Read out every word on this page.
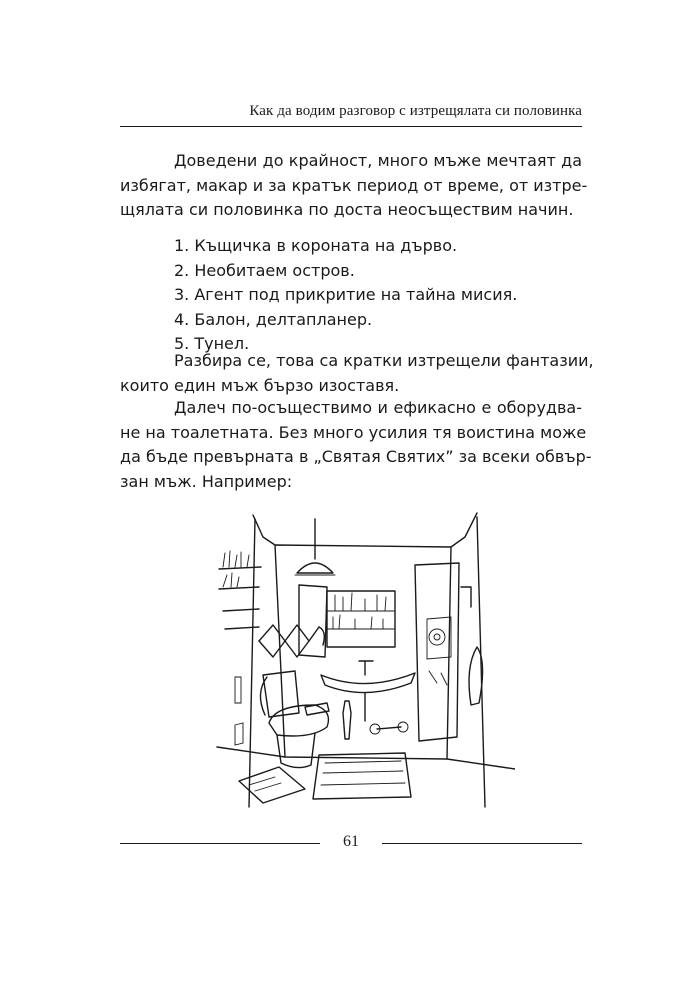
Как да водим разговор с изтрещялата си половинка
Доведени до крайност, много мъже мечтаят да
избягат, макар и за кратък период от време, от изтре-
щялата си половинка по доста неосъществим начин.
1. Къщичка в короната на дърво.
2. Необитаем остров.
3. Агент под прикритие на тайна мисия.
4. Балон, делтапланер.
5. Тунел.
Разбира се, това са кратки изтрещели фантазии,
които един мъж бързо изоставя.
Далеч по-осъществимо и ефикасно е оборудва-
не на тоалетната. Без много усилия тя воистина може
да бъде превърната в „Святая Святих” за всеки обвър-
зан мъж. Например:
61
